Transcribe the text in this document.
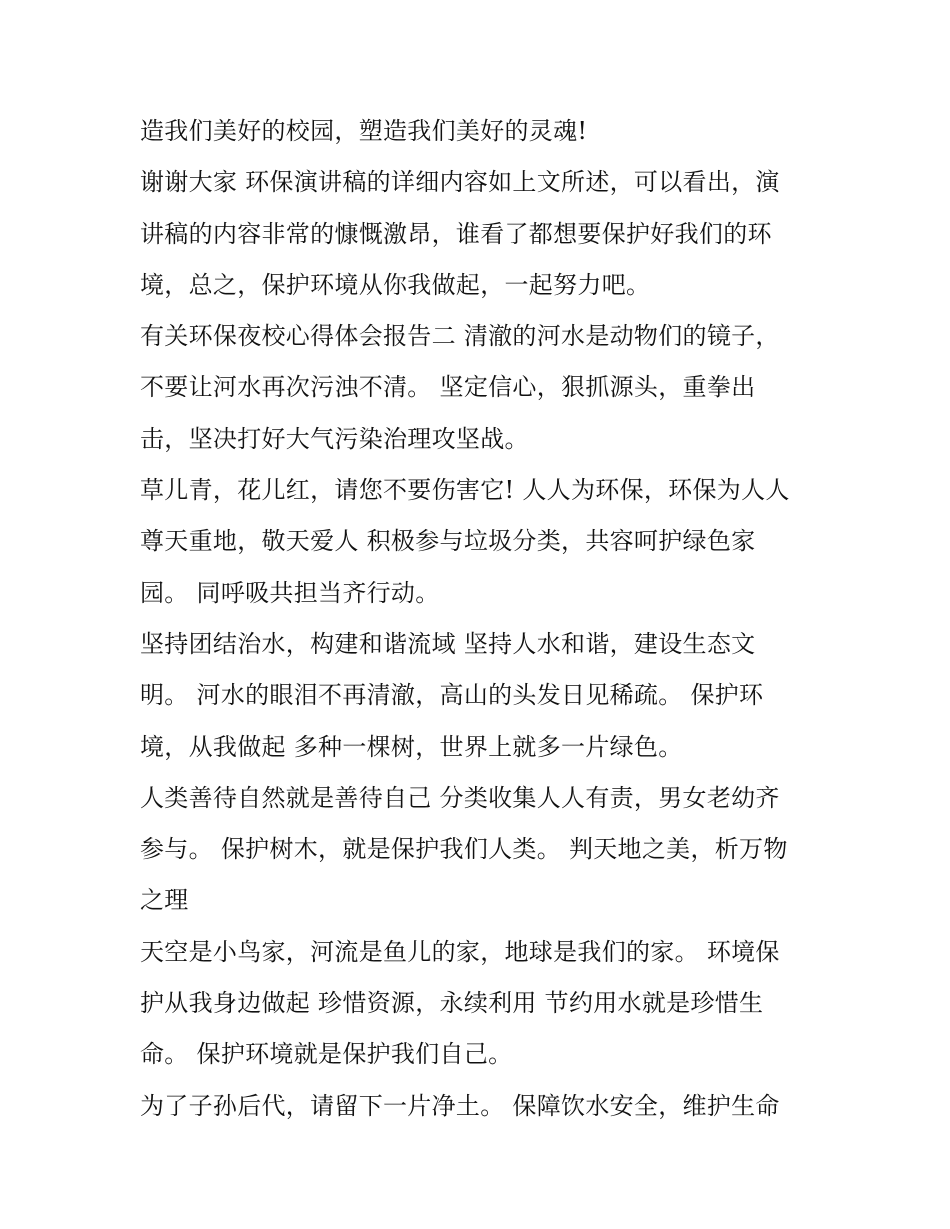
造我们美好的校园，塑造我们美好的灵魂!
谢谢大家 环保演讲稿的详细内容如上文所述，可以看出，演
讲稿的内容非常的慷慨激昂，谁看了都想要保护好我们的环
境，总之，保护环境从你我做起，一起努力吧。
有关环保夜校心得体会报告二 清澈的河水是动物们的镜子，
不要让河水再次污浊不清。 坚定信心，狠抓源头，重拳出
击，坚决打好大气污染治理攻坚战。
草儿青，花儿红，请您不要伤害它! 人人为环保，环保为人人
尊天重地，敬天爱人 积极参与垃圾分类，共容呵护绿色家
园。 同呼吸共担当齐行动。
坚持团结治水，构建和谐流域 坚持人水和谐，建设生态文
明。 河水的眼泪不再清澈，高山的头发日见稀疏。 保护环
境，从我做起 多种一棵树，世界上就多一片绿色。
人类善待自然就是善待自己 分类收集人人有责，男女老幼齐
参与。 保护树木，就是保护我们人类。 判天地之美，析万物
之理
天空是小鸟家，河流是鱼儿的家，地球是我们的家。 环境保
护从我身边做起 珍惜资源，永续利用 节约用水就是珍惜生
命。 保护环境就是保护我们自己。
为了子孙后代，请留下一片净土。 保障饮水安全，维护生命
